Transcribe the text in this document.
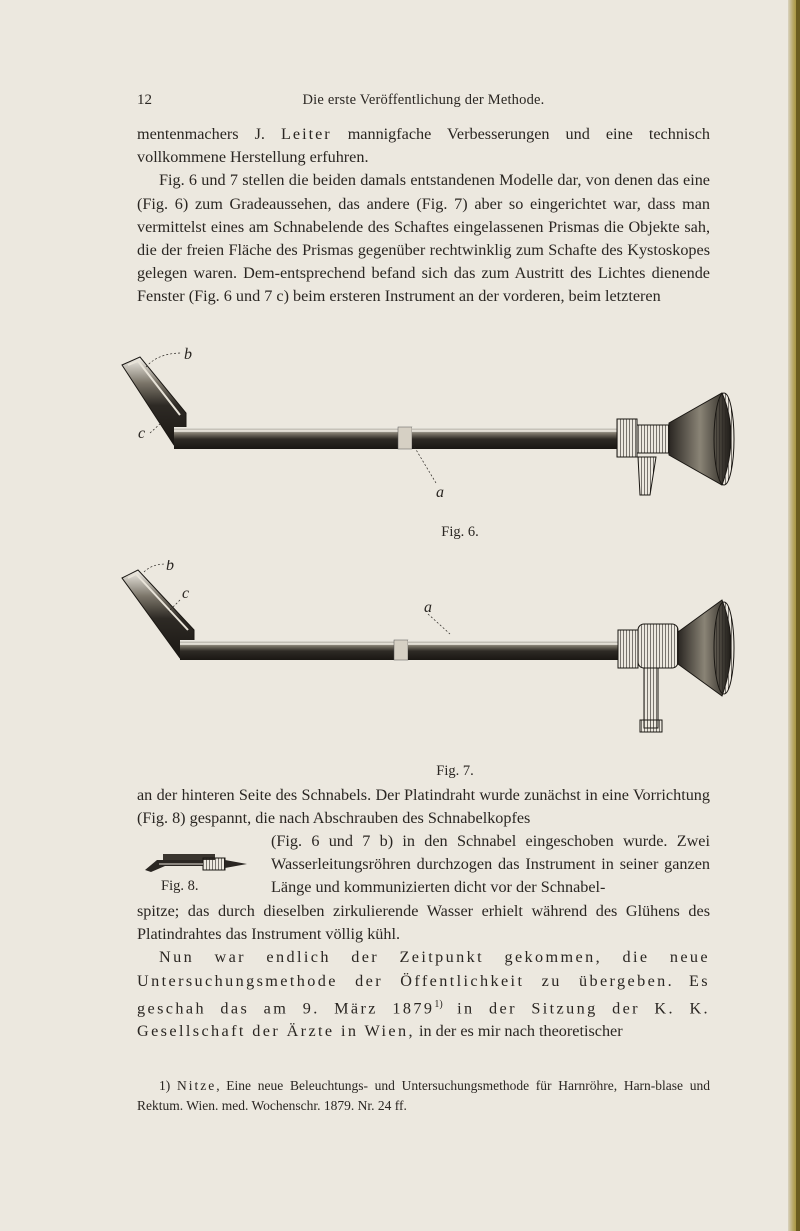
12	Die erste Veröffentlichung der Methode.

mentenmachers J. Leiter mannigfache Verbesserungen und eine technisch vollkommene Herstellung erfuhren.

Fig. 6 und 7 stellen die beiden damals entstandenen Modelle dar, von denen das eine (Fig. 6) zum Gradeaussehen, das andere (Fig. 7) aber so eingerichtet war, dass man vermittelst eines am Schnabelende des Schaftes eingelassenen Prismas die Objekte sah, die der freien Fläche des Prismas gegenüber rechtwinklig zum Schafte des Kystoskopes gelegen waren. Dem-entsprechend befand sich das zum Austritt des Lichtes dienende Fenster (Fig. 6 und 7 c) beim ersteren Instrument an der vorderen, beim letzteren

b
c
a
Fig. 6.
b
c
a
Fig. 7.

an der hinteren Seite des Schnabels. Der Platindraht wurde zunächst in eine Vorrichtung (Fig. 8) gespannt, die nach Abschrauben des Schnabelkopfes

Fig. 8.
(Fig. 6 und 7 b) in den Schnabel eingeschoben wurde. Zwei Wasserleitungsröhren durchzogen das Instrument in seiner ganzen Länge und kommunizierten dicht vor der Schnabel-
spitze; das durch dieselben zirkulierende Wasser erhielt während des Glühens des Platindrahtes das Instrument völlig kühl.
Nun war endlich der Zeitpunkt gekommen, die neue Untersuchungsmethode der Öffentlichkeit zu übergeben. Es geschah das am 9. März 1879$^{1)}$ in der Sitzung der K. K. Gesellschaft der Ärzte in Wien, in der es mir nach theoretischer

1) Nitze, Eine neue Beleuchtungs- und Untersuchungsmethode für Harnröhre, Harn-blase und Rektum. Wien. med. Wochenschr. 1879. Nr. 24 ff.
